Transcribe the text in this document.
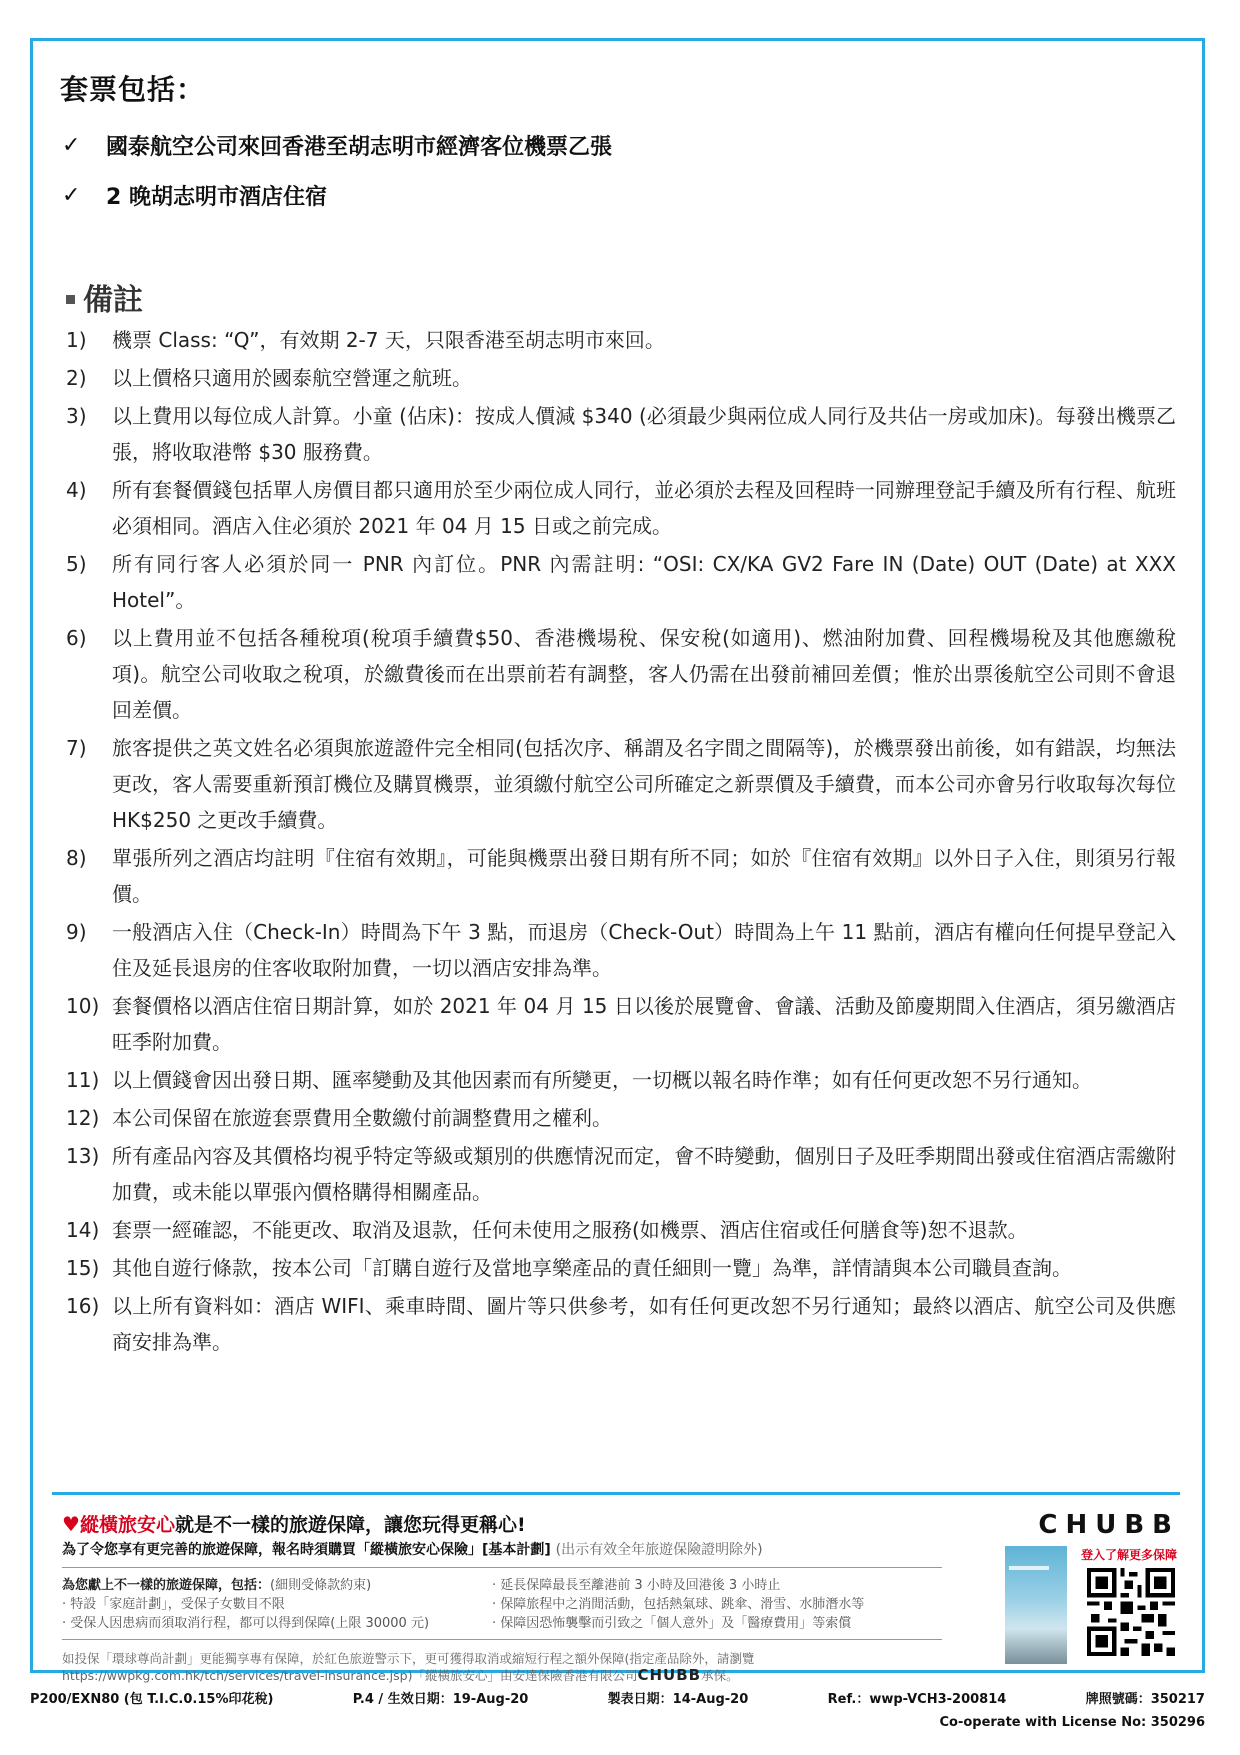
套票包括：
✓	國泰航空公司來回香港至胡志明市經濟客位機票乙張
✓	2 晚胡志明市酒店住宿
備註
1)	機票 Class: “Q”，有效期 2-7 天，只限香港至胡志明市來回。
2)	以上價格只適用於國泰航空營運之航班。
3)	以上費用以每位成人計算。小童 (佔床)：按成人價減 $340 (必須最少與兩位成人同行及共佔一房或加床)。每發出機票乙張，將收取港幣 $30 服務費。
4)	所有套餐價錢包括單人房價目都只適用於至少兩位成人同行，並必須於去程及回程時一同辦理登記手續及所有行程、航班必須相同。酒店入住必須於 2021 年 04 月 15 日或之前完成。
5)	所有同行客人必須於同一 PNR 內訂位。PNR 內需註明: “OSI: CX/KA GV2 Fare IN (Date) OUT (Date) at XXX Hotel”。
6)	以上費用並不包括各種稅項(稅項手續費$50、香港機場稅、保安稅(如適用)、燃油附加費、回程機場稅及其他應繳稅項)。航空公司收取之稅項，於繳費後而在出票前若有調整，客人仍需在出發前補回差價；惟於出票後航空公司則不會退回差價。
7)	旅客提供之英文姓名必須與旅遊證件完全相同(包括次序、稱謂及名字間之間隔等)，於機票發出前後，如有錯誤，均無法更改，客人需要重新預訂機位及購買機票，並須繳付航空公司所確定之新票價及手續費，而本公司亦會另行收取每次每位 HK$250 之更改手續費。
8)	單張所列之酒店均註明『住宿有效期』，可能與機票出發日期有所不同；如於『住宿有效期』以外日子入住，則須另行報價。
9)	一般酒店入住（Check-In）時間為下午 3 點，而退房（Check-Out）時間為上午 11 點前，酒店有權向任何提早登記入住及延長退房的住客收取附加費，一切以酒店安排為準。
10) 套餐價格以酒店住宿日期計算，如於 2021 年 04 月 15 日以後於展覽會、會議、活動及節慶期間入住酒店，須另繳酒店旺季附加費。
11) 以上價錢會因出發日期、匯率變動及其他因素而有所變更，一切概以報名時作準；如有任何更改恕不另行通知。
12) 本公司保留在旅遊套票費用全數繳付前調整費用之權利。
13) 所有產品內容及其價格均視乎特定等級或類別的供應情況而定，會不時變動，個別日子及旺季期間出發或住宿酒店需繳附加費，或未能以單張內價格購得相關產品。
14) 套票一經確認，不能更改、取消及退款，任何未使用之服務(如機票、酒店住宿或任何膳食等)恕不退款。
15) 其他自遊行條款，按本公司「訂購自遊行及當地享樂產品的責任細則一覽」為準，詳情請與本公司職員查詢。
16) 以上所有資料如：酒店 WIFI、乘車時間、圖片等只供參考，如有任何更改恕不另行通知；最終以酒店、航空公司及供應商安排為準。
♥縱橫旅安心就是不一樣的旅遊保障，讓您玩得更稱心!
為了令您享有更完善的旅遊保障，報名時須購買「縱橫旅安心保險」[基本計劃] (出示有效全年旅遊保險證明除外)
為您獻上不一樣的旅遊保障，包括：(細則受條款約束)
· 特設「家庭計劃」，受保子女數目不限
· 受保人因患病而須取消行程，都可以得到保障(上限 30000 元)
· 延長保障最長至離港前 3 小時及回港後 3 小時止
· 保障旅程中之消閒活動，包括熱氣球、跳傘、滑雪、水肺潛水等
· 保障因恐怖襲擊而引致之「個人意外」及「醫療費用」等索償
如投保「環球尊尚計劃」更能獨享專有保障，於紅色旅遊警示下，更可獲得取消或縮短行程之額外保障(指定產品除外，請瀏覽 https://wwpkg.com.hk/tch/services/travel-insurance.jsp)「縱橫旅安心」由安達保險香港有限公司CHUBB承保。
CHUBB
登入了解更多保障
P200/EXN80 (包 T.I.C.0.15%印花稅)	P.4 / 生效日期：19-Aug-20	製表日期：14-Aug-20	Ref.：wwp-VCH3-200814	牌照號碼：350217
Co-operate with License No: 350296
